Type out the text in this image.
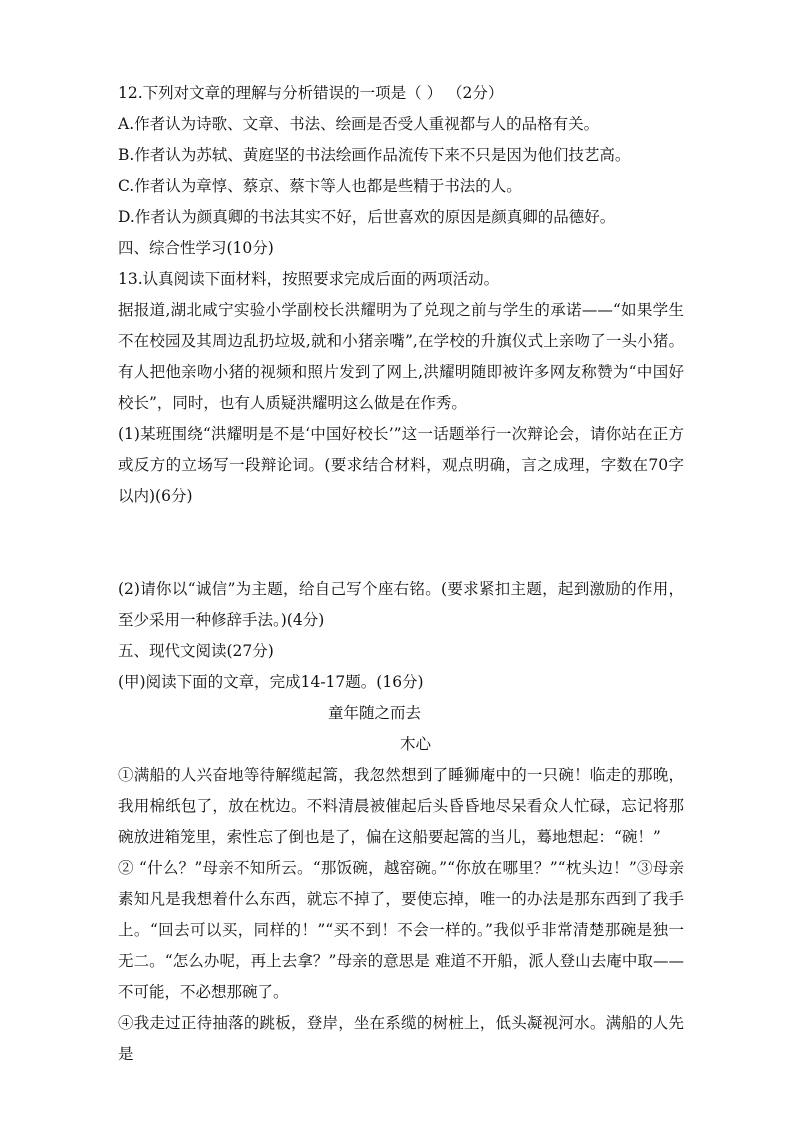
12.下列对文章的理解与分析错误的一项是（ ） （2分）
A.作者认为诗歌、文章、书法、绘画是否受人重视都与人的品格有关。
B.作者认为苏轼、黄庭坚的书法绘画作品流传下来不只是因为他们技艺高。
C.作者认为章惇、蔡京、蔡卞等人也都是些精于书法的人。
D.作者认为颜真卿的书法其实不好，后世喜欢的原因是颜真卿的品德好。
四、综合性学习(10分)
13.认真阅读下面材料，按照要求完成后面的两项活动。
据报道,湖北咸宁实验小学副校长洪耀明为了兑现之前与学生的承诺——“如果学生不在校园及其周边乱扔垃圾,就和小猪亲嘴”,在学校的升旗仪式上亲吻了一头小猪。有人把他亲吻小猪的视频和照片发到了网上,洪耀明随即被许多网友称赞为“中国好校长”，同时，也有人质疑洪耀明这么做是在作秀。
(1)某班围绕“洪耀明是不是‘中国好校长’”这一话题举行一次辩论会，请你站在正方或反方的立场写一段辩论词。(要求结合材料，观点明确，言之成理，字数在70字以内)(6分)
(2)请你以“诚信”为主题，给自己写个座右铭。(要求紧扣主题，起到激励的作用，至少采用一种修辞手法。)(4分)
五、现代文阅读(27分)
(甲)阅读下面的文章，完成14-17题。(16分)
童年随之而去
木心
①满船的人兴奋地等待解缆起篙，我忽然想到了睡狮庵中的一只碗！临走的那晚，我用棉纸包了，放在枕边。不料清晨被催起后头昏昏地尽呆看众人忙碌，忘记将那碗放进箱笼里，索性忘了倒也是了，偏在这船要起篙的当儿，蓦地想起：“碗！”
② “什么？”母亲不知所云。“那饭碗，越窑碗。”“你放在哪里？”“枕头边！”③母亲素知凡是我想着什么东西，就忘不掉了，要使忘掉，唯一的办法是那东西到了我手上。“回去可以买，同样的！”“买不到！不会一样的。”我似乎非常清楚那碗是独一无二。“怎么办呢，再上去拿？”母亲的意思是 难道不开船，派人登山去庵中取——不可能，不必想那碗了。
④我走过正待抽落的跳板，登岸，坐在系缆的树桩上，低头凝视河水。满船的人先是
